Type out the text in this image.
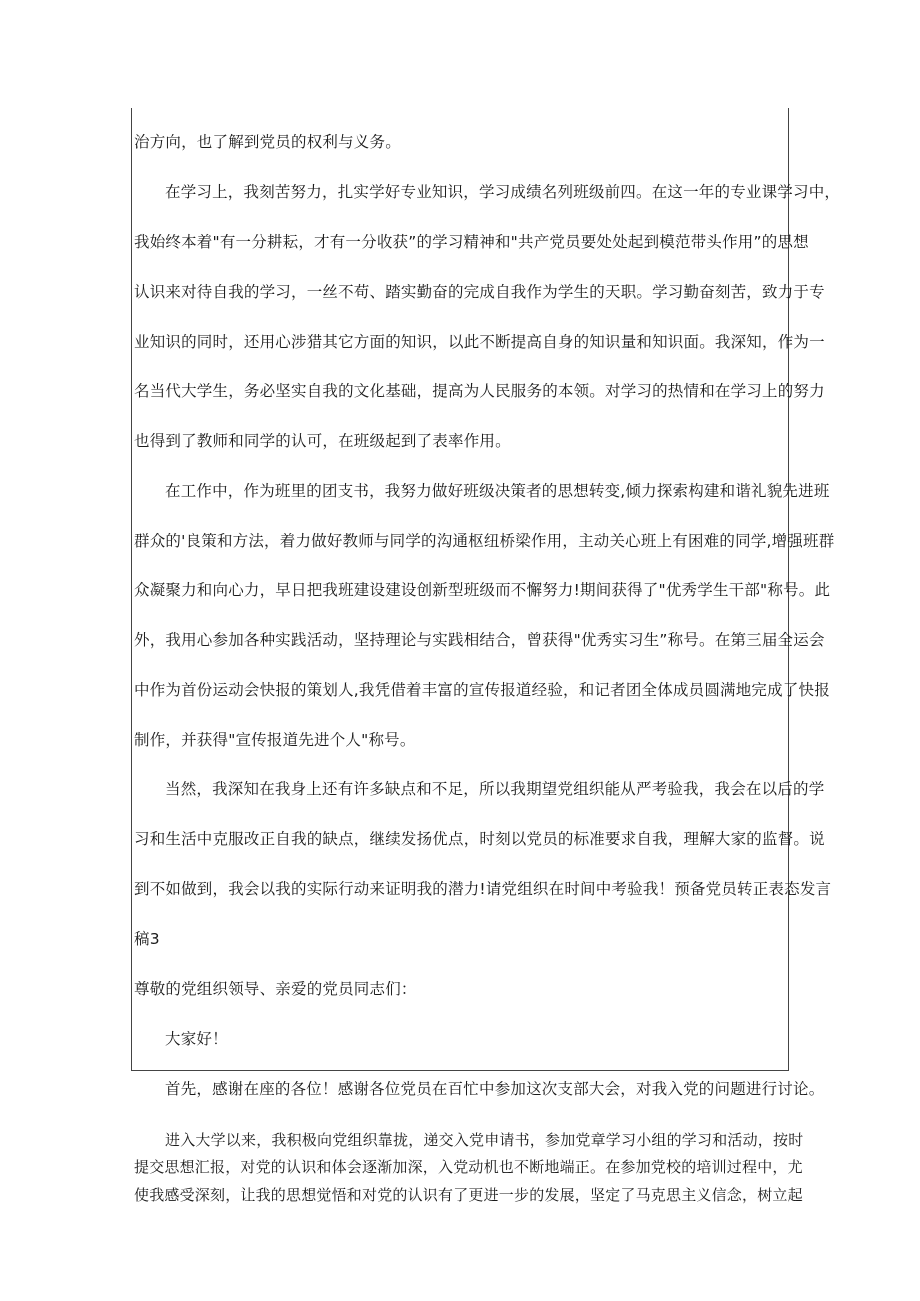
治方向，也了解到党员的权利与义务。
在学习上，我刻苦努力，扎实学好专业知识，学习成绩名列班级前四。在这一年的专业课学习中，
我始终本着"有一分耕耘，才有一分收获”的学习精神和"共产党员要处处起到模范带头作用”的思想
认识来对待自我的学习，一丝不苟、踏实勤奋的完成自我作为学生的天职。学习勤奋刻苦，致力于专
业知识的同时，还用心涉猎其它方面的知识，以此不断提高自身的知识量和知识面。我深知，作为一
名当代大学生，务必坚实自我的文化基础，提高为人民服务的本领。对学习的热情和在学习上的努力
也得到了教师和同学的认可，在班级起到了表率作用。
在工作中，作为班里的团支书，我努力做好班级决策者的思想转变,倾力探索构建和谐礼貌先进班
群众的'良策和方法，着力做好教师与同学的沟通枢纽桥梁作用，主动关心班上有困难的同学,增强班群
众凝聚力和向心力，早日把我班建设建设创新型班级而不懈努力!期间获得了"优秀学生干部"称号。此
外，我用心参加各种实践活动，坚持理论与实践相结合，曾获得"优秀实习生”称号。在第三届全运会
中作为首份运动会快报的策划人,我凭借着丰富的宣传报道经验，和记者团全体成员圆满地完成了快报
制作，并获得"宣传报道先进个人"称号。
当然，我深知在我身上还有许多缺点和不足，所以我期望党组织能从严考验我，我会在以后的学
习和生活中克服改正自我的缺点，继续发扬优点，时刻以党员的标准要求自我，理解大家的监督。说
到不如做到，我会以我的实际行动来证明我的潜力!请党组织在时间中考验我！预备党员转正表态发言
稿3
尊敬的党组织领导、亲爱的党员同志们：
大家好！
首先，感谢在座的各位！感谢各位党员在百忙中参加这次支部大会，对我入党的问题进行讨论。
进入大学以来，我积极向党组织靠拢，递交入党申请书，参加党章学习小组的学习和活动，按时
提交思想汇报，对党的认识和体会逐渐加深，入党动机也不断地端正。在参加党校的培训过程中，尤
使我感受深刻，让我的思想觉悟和对党的认识有了更进一步的发展，坚定了马克思主义信念，树立起
